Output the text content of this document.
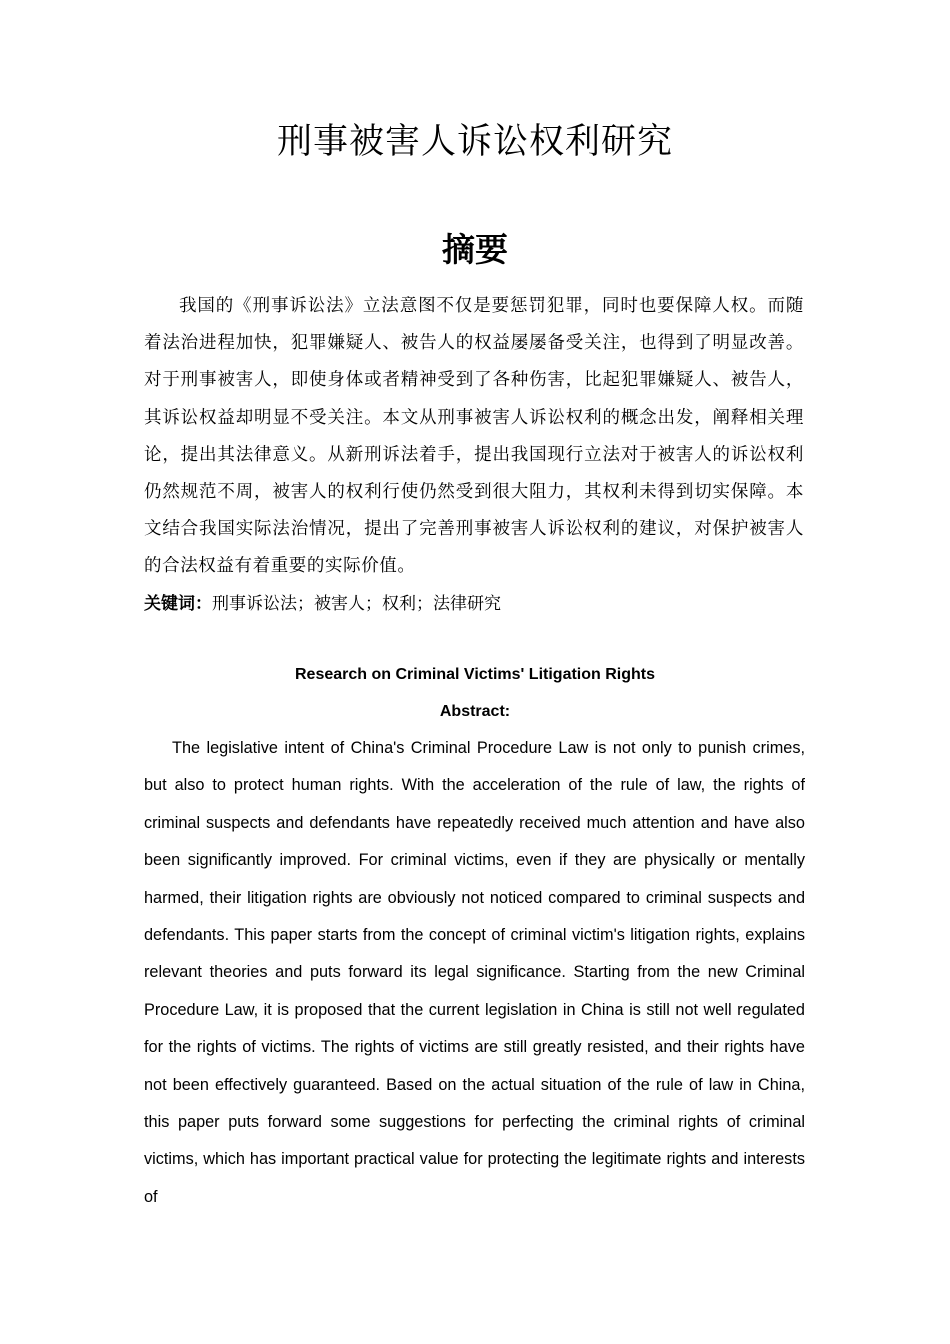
刑事被害人诉讼权利研究
摘要

我国的《刑事诉讼法》立法意图不仅是要惩罚犯罪，同时也要保障人权。而随着法治进程加快，犯罪嫌疑人、被告人的权益屡屡备受关注，也得到了明显改善。对于刑事被害人，即使身体或者精神受到了各种伤害，比起犯罪嫌疑人、被告人，其诉讼权益却明显不受关注。本文从刑事被害人诉讼权利的概念出发，阐释相关理论，提出其法律意义。从新刑诉法着手，提出我国现行立法对于被害人的诉讼权利仍然规范不周，被害人的权利行使仍然受到很大阻力，其权利未得到切实保障。本文结合我国实际法治情况，提出了完善刑事被害人诉讼权利的建议，对保护被害人的合法权益有着重要的实际价值。

关键词：刑事诉讼法；被害人；权利；法律研究

Research on Criminal Victims' Litigation Rights
Abstract:

The legislative intent of China's Criminal Procedure Law is not only to punish crimes, but also to protect human rights. With the acceleration of the rule of law, the rights of criminal suspects and defendants have repeatedly received much attention and have also been significantly improved. For criminal victims, even if they are physically or mentally harmed, their litigation rights are obviously not noticed compared to criminal suspects and defendants. This paper starts from the concept of criminal victim's litigation rights, explains relevant theories and puts forward its legal significance. Starting from the new Criminal Procedure Law, it is proposed that the current legislation in China is still not well regulated for the rights of victims. The rights of victims are still greatly resisted, and their rights have not been effectively guaranteed. Based on the actual situation of the rule of law in China, this paper puts forward some suggestions for perfecting the criminal rights of criminal victims, which has important practical value for protecting the legitimate rights and interests of
